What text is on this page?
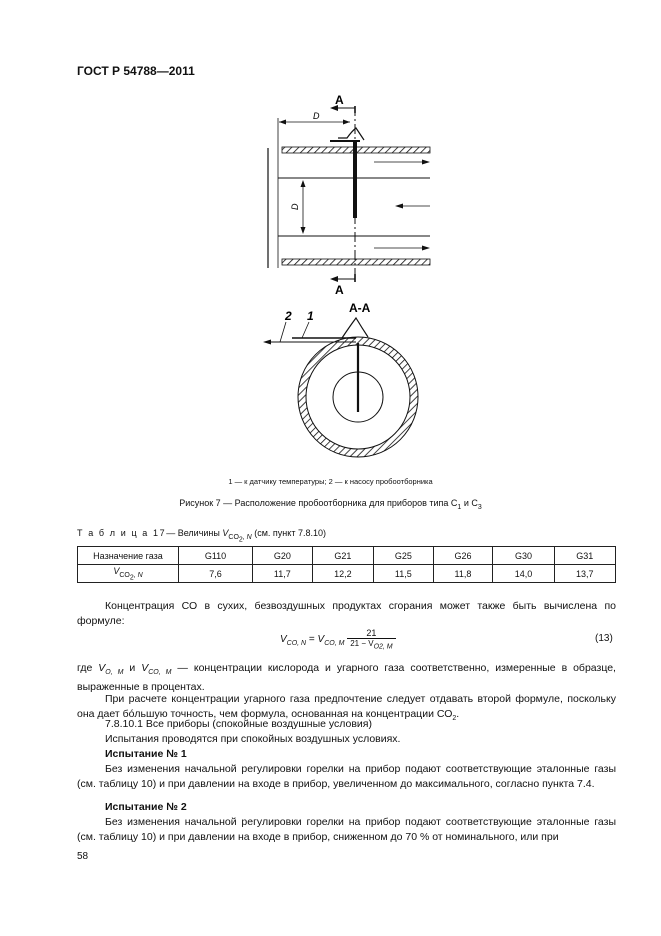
ГОСТ Р 54788—2011
D
D
А
А
А-А
2 1
1 — к датчику температуры; 2 — к насосу пробоотборника
Рисунок 7 — Расположение пробоотборника для приборов типа $С_1$ и $С_3$
Т а б л и ц а 17— Величины $V_{CO_2, N}$ (см. пункт 7.8.10)
Назначение газа	G110	G20	G21	G25	G26	G30	G31
$V_{CO_2, N}$	7,6	11,7	12,2	11,5	11,8	14,0	13,7
Концентрация СО в сухих, безвоздушных продуктах сгорания может также быть вычислена по формуле:
$V_{CO, N} = V_{CO, M} \frac{21}{21 - V_{O2, M}}$	(13)
где $V_{O, M}$ и $V_{CO, M}$ — концентрации кислорода и угарного газа соответственно, измеренные в образце, выраженные в процентах.
При расчете концентрации угарного газа предпочтение следует отдавать второй формуле, поскольку она дает бо́льшую точность, чем формула, основанная на концентрации $СО_2$.
7.8.10.1 Все приборы (спокойные воздушные условия)
Испытания проводятся при спокойных воздушных условиях.
Испытание № 1
Без изменения начальной регулировки горелки на прибор подают соответствующие эталонные газы (см. таблицу 10) и при давлении на входе в прибор, увеличенном до максимального, согласно пункта 7.4.
Испытание № 2
Без изменения начальной регулировки горелки на прибор подают соответствующие эталонные газы (см. таблицу 10) и при давлении на входе в прибор, сниженном до 70 % от номинального, или при
58
